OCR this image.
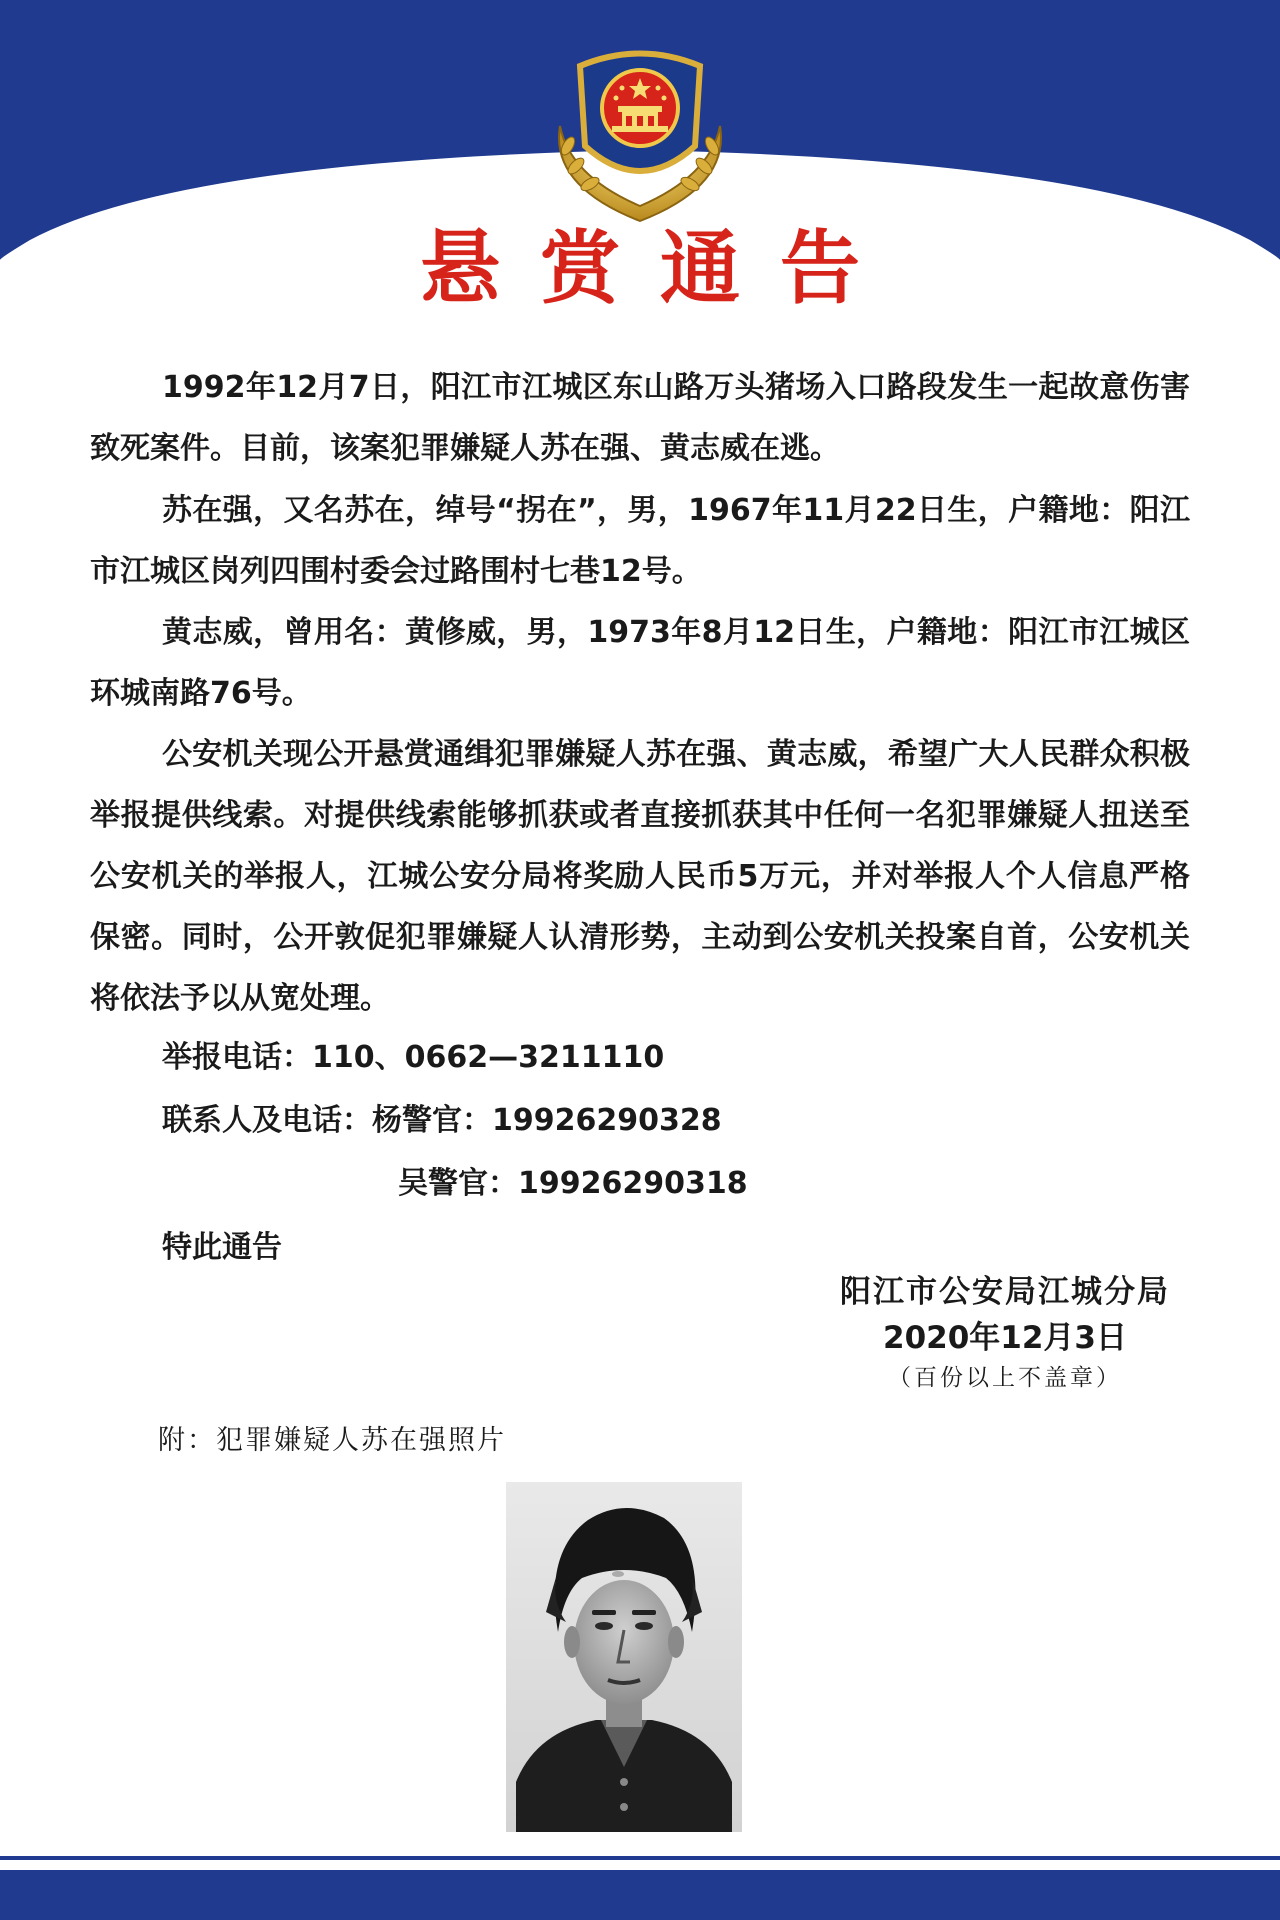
悬赏通告

1992年12月7日，阳江市江城区东山路万头猪场入口路段发生一起故意伤害致死案件。目前，该案犯罪嫌疑人苏在强、黄志威在逃。

苏在强，又名苏在，绰号“拐在”，男，1967年11月22日生，户籍地：阳江市江城区岗列四围村委会过路围村七巷12号。

黄志威，曾用名：黄修威，男，1973年8月12日生，户籍地：阳江市江城区环城南路76号。

公安机关现公开悬赏通缉犯罪嫌疑人苏在强、黄志威，希望广大人民群众积极举报提供线索。对提供线索能够抓获或者直接抓获其中任何一名犯罪嫌疑人扭送至公安机关的举报人，江城公安分局将奖励人民币5万元，并对举报人个人信息严格保密。同时，公开敦促犯罪嫌疑人认清形势，主动到公安机关投案自首，公安机关将依法予以从宽处理。

举报电话：110、0662—3211110
联系人及电话：杨警官：19926290328
吴警官：19926290318
特此通告
阳江市公安局江城分局
2020年12月3日
（百份以上不盖章）
附：犯罪嫌疑人苏在强照片
